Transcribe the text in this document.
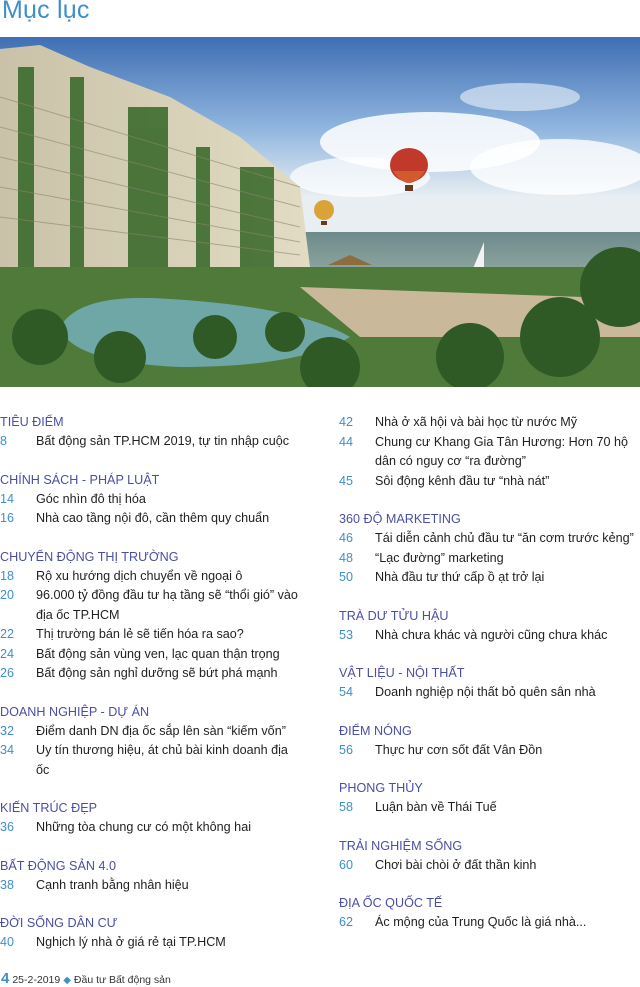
Mục lục
TIÊU ĐIỂM
8	Bất động sản TP.HCM 2019, tự tin nhập cuộc
CHÍNH SÁCH - PHÁP LUẬT
14	Góc nhìn đô thị hóa
16	Nhà cao tầng nội đô, cần thêm quy chuẩn
CHUYỂN ĐỘNG THỊ TRƯỜNG
18	Rộ xu hướng dịch chuyển về ngoại ô
20	96.000 tỷ đồng đầu tư hạ tầng sẽ “thổi gió” vào địa ốc TP.HCM
22	Thị trường bán lẻ sẽ tiến hóa ra sao?
24	Bất động sản vùng ven, lạc quan thận trọng
26	Bất động sản nghỉ dưỡng sẽ bứt phá mạnh
DOANH NGHIỆP - DỰ ÁN
32	Điểm danh DN địa ốc sắp lên sàn “kiếm vốn”
34	Uy tín thương hiệu, át chủ bài kinh doanh địa ốc
KIẾN TRÚC ĐẸP
36	Những tòa chung cư có một không hai
BẤT ĐỘNG SẢN 4.0
38	Cạnh tranh bằng nhân hiệu
ĐỜI SỐNG DÂN CƯ
40	Nghịch lý nhà ở giá rẻ tại TP.HCM
42	Nhà ở xã hội và bài học từ nước Mỹ
44	Chung cư Khang Gia Tân Hương: Hơn 70 hộ dân có nguy cơ “ra đường”
45	Sôi động kênh đầu tư “nhà nát”
360 ĐỘ MARKETING
46	Tái diễn cảnh chủ đầu tư “ăn cơm trước kẻng”
48	“Lạc đường” marketing
50	Nhà đầu tư thứ cấp ồ ạt trở lại
TRÀ DƯ TỬU HẬU
53	Nhà chưa khác và người cũng chưa khác
VẬT LIỆU - NỘI THẤT
54	Doanh nghiệp nội thất bỏ quên sân nhà
ĐIỂM NÓNG
56	Thực hư cơn sốt đất Vân Đồn
PHONG THỦY
58	Luận bàn về Thái Tuế
TRẢI NGHIỆM SỐNG
60	Chơi bài chòi ở đất thần kinh
ĐỊA ỐC QUỐC TẾ
62	Ác mộng của Trung Quốc là giá nhà...
4 25-2-2019 ◆ Đầu tư Bất động sản
